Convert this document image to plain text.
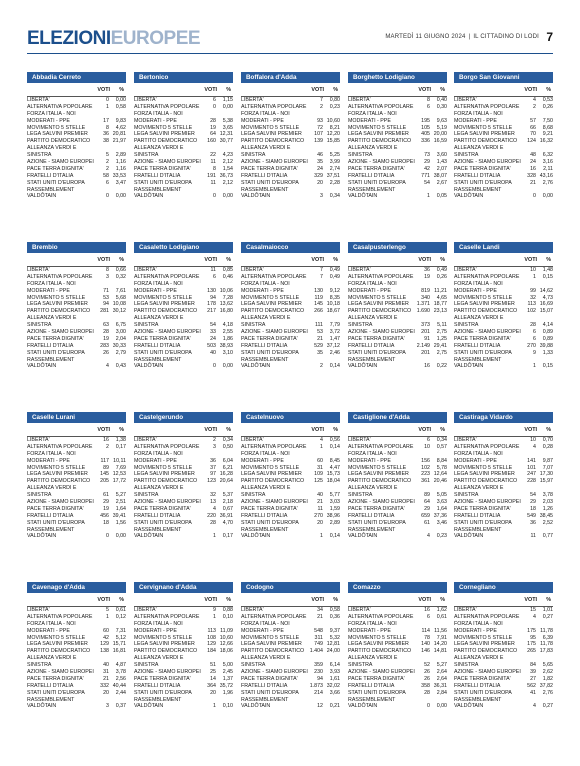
ELEZIONIEUROPEE	MARTEDÌ 11 GIUGNO 2024 | IL CITTADINO DI LODI 7
Abbadia Cerreto
VOTI %
LIBERTA'	0	0,00
ALTERNATIVA POPOLARE	1	0,58
FORZA ITALIA - NOI
MODERATI - PPE	17	9,83
MOVIMENTO 5 STELLE	8	4,62
LEGA SALVINI PREMIER	36 20,81
PARTITO DEMOCRATICO 38 21,97
ALLEANZA VERDI E
SINISTRA	5	2,89
AZIONE - SIAMO EUROPEI 2	1,16
PACE TERRA DIGNITA'	2	1,16
FRATELLI D'ITALIA	58 33,53
STATI UNITI D'EUROPA	6	3,47
RASSEMBLEMENT
VALDÔTAIN	0	0,00
Bertonico
VOTI %
LIBERTA'	6	1,15
ALTERNATIVA POPOLARE	0	0,00
FORZA ITALIA - NOI
MODERATI - PPE	28	5,38
MOVIMENTO 5 STELLE	19	3,65
LEGA SALVINI PREMIER	64 12,31
PARTITO DEMOCRATICO 160 30,77
ALLEANZA VERDI E
SINISTRA	22	4,23
AZIONE - SIAMO EUROPEI 11	2,12
PACE TERRA DIGNITA'	8	1,54
FRATELLI D'ITALIA	191 36,73
STATI UNITI D'EUROPA	11	2,12
RASSEMBLEMENT
VALDÔTAIN	0	0,00
Boffalora d'Adda
VOTI %
LIBERTA'	7	0,80
ALTERNATIVA POPOLARE	2	0,23
FORZA ITALIA - NOI
MODERATI - PPE	93 10,60
MOVIMENTO 5 STELLE	72	8,21
LEGA SALVINI PREMIER 107 12,20
PARTITO DEMOCRATICO 139 15,85
ALLEANZA VERDI E
SINISTRA	46	5,25
AZIONE - SIAMO EUROPEI 35	3,99
PACE TERRA DIGNITA'	24	2,74
FRATELLI D'ITALIA	329 37,51
STATI UNITI D'EUROPA	20	2,28
RASSEMBLEMENT
VALDÔTAIN	3	0,34
Borghetto Lodigiano
VOTI %
LIBERTA'	8	0,40
ALTERNATIVA POPOLARE	6	0,30
FORZA ITALIA - NOI
MODERATI - PPE	195	9,63
MOVIMENTO 5 STELLE	105	5,19
LEGA SALVINI PREMIER 405 20,00
PARTITO DEMOCRATICO 336 16,59
ALLEANZA VERDI E
SINISTRA	73	3,60
AZIONE - SIAMO EUROPEI 29	1,43
PACE TERRA DIGNITA'	42	2,07
FRATELLI D'ITALIA	771 38,07
STATI UNITI D'EUROPA	54	2,67
RASSEMBLEMENT
VALDÔTAIN	1	0,05
Borgo San Giovanni
VOTI %
LIBERTA'	4	0,53
ALTERNATIVA POPOLARE	2	0,26
FORZA ITALIA - NOI
MODERATI - PPE	57	7,50
MOVIMENTO 5 STELLE	66	8,68
LEGA SALVINI PREMIER	70	9,21
PARTITO DEMOCRATICO 124 16,32
ALLEANZA VERDI E
SINISTRA	48	6,32
AZIONE - SIAMO EUROPEI 24	3,16
PACE TERRA DIGNITA'	16	2,11
FRATELLI D'ITALIA	328 43,16
STATI UNITI D'EUROPA	21	2,76
RASSEMBLEMENT
VALDÔTAIN	0	0,00
Brembio
VOTI %
LIBERTA'	8	0,66
ALTERNATIVA POPOLARE	3	0,32
FORZA ITALIA - NOI
MODERATI - PPE	71	7,61
MOVIMENTO 5 STELLE	53	5,68
LEGA SALVINI PREMIER	94 10,08
PARTITO DEMOCRATICO 281 30,12
ALLEANZA VERDI E
SINISTRA	63	6,75
AZIONE - SIAMO EUROPEI 28	3,00
PACE TERRA DIGNITA'	19	2,04
FRATELLI D'ITALIA	283 30,33
STATI UNITI D'EUROPA	26	2,79
RASSEMBLEMENT
VALDÔTAIN	4	0,43
Casaletto Lodigiano
VOTI %
LIBERTA'	11	0,85
ALTERNATIVA POPOLARE	6	0,46
FORZA ITALIA - NOI
MODERATI - PPE	130 10,06
MOVIMENTO 5 STELLE	94	7,28
LEGA SALVINI PREMIER 178 13,62
PARTITO DEMOCRATICO 217 16,80
ALLEANZA VERDI E
SINISTRA	54	4,18
AZIONE - SIAMO EUROPEI 33	2,55
PACE TERRA DIGNITA'	24	1,86
FRATELLI D'ITALIA	503 38,93
STATI UNITI D'EUROPA	40	3,10
RASSEMBLEMENT
VALDÔTAIN	0	0,00
Casalmaiocco
VOTI %
LIBERTA'	7	0,49
ALTERNATIVA POPOLARE	7	0,49
FORZA ITALIA - NOI
MODERATI - PPE	130	9,12
MOVIMENTO 5 STELLE	119	8,35
LEGA SALVINI PREMIER 145 10,18
PARTITO DEMOCRATICO 266 18,67
ALLEANZA VERDI E
SINISTRA	111	7,79
AZIONE - SIAMO EUROPEI 53	3,72
PACE TERRA DIGNITA'	21	1,47
FRATELLI D'ITALIA	529 37,12
STATI UNITI D'EUROPA	35	2,46
RASSEMBLEMENT
VALDÔTAIN	2	0,14
Casalpusterlengo
VOTI %
LIBERTA'	36	0,49
ALTERNATIVA POPOLARE 19	0,26
FORZA ITALIA - NOI
MODERATI - PPE	819 11,21
MOVIMENTO 5 STELLE	340	4,65
LEGA SALVINI PREMIER 1.371 18,77
PARTITO DEMOCRATICO 1.690 23,13
ALLEANZA VERDI E
SINISTRA	373	5,11
AZIONE - SIAMO EUROPEI 201	2,75
PACE TERRA DIGNITA'	91	1,25
FRATELLI D'ITALIA	2.149 29,41
STATI UNITI D'EUROPA	201	2,75
RASSEMBLEMENT
VALDÔTAIN	16	0,22
Caselle Landi
VOTI %
LIBERTA'	10	1,48
ALTERNATIVA POPOLARE	1	0,15
FORZA ITALIA - NOI
MODERATI - PPE	99 14,62
MOVIMENTO 5 STELLE	32	4,73
LEGA SALVINI PREMIER 113 16,69
PARTITO DEMOCRATICO 102 15,07
ALLEANZA VERDI E
SINISTRA	28	4,14
AZIONE - SIAMO EUROPEI 6	0,89
PACE TERRA DIGNITA'	6	0,89
FRATELLI D'ITALIA	270 39,88
STATI UNITI D'EUROPA	9	1,33
RASSEMBLEMENT
VALDÔTAIN	1	0,15
Caselle Lurani
VOTI %
LIBERTA'	16	1,38
ALTERNATIVA POPOLARE	2	0,17
FORZA ITALIA - NOI
MODERATI - PPE	117 10,11
MOVIMENTO 5 STELLE	89	7,69
LEGA SALVINI PREMIER 145 12,53
PARTITO DEMOCRATICO 205 17,72
ALLEANZA VERDI E
SINISTRA	61	5,27
AZIONE - SIAMO EUROPEI 29	2,51
PACE TERRA DIGNITA'	19	1,64
FRATELLI D'ITALIA	456 39,41
STATI UNITI D'EUROPA	18	1,56
RASSEMBLEMENT
VALDÔTAIN	0	0,00
Castelgerundo
VOTI %
LIBERTA'	2	0,34
ALTERNATIVA POPOLARE	3	0,50
FORZA ITALIA - NOI
MODERATI - PPE	36	6,04
MOVIMENTO 5 STELLE	37	6,21
LEGA SALVINI PREMIER	97 16,28
PARTITO DEMOCRATICO 123 20,64
ALLEANZA VERDI E
SINISTRA	32	5,37
AZIONE - SIAMO EUROPEI 13	2,18
PACE TERRA DIGNITA'	4	0,67
FRATELLI D'ITALIA	220 36,91
STATI UNITI D'EUROPA	28	4,70
RASSEMBLEMENT
VALDÔTAIN	1	0,17
Castelnuovo
VOTI %
LIBERTA'	4	0,56
ALTERNATIVA POPOLARE	1	0,14
FORZA ITALIA - NOI
MODERATI - PPE	60	8,45
MOVIMENTO 5 STELLE	31	4,47
LEGA SALVINI PREMIER 109 15,73
PARTITO DEMOCRATICO 125 18,04
ALLEANZA VERDI E
SINISTRA	40	5,77
AZIONE - SIAMO EUROPEI 21	3,03
PACE TERRA DIGNITA'	11	1,59
FRATELLI D'ITALIA	270 38,96
STATI UNITI D'EUROPA	20	2,89
RASSEMBLEMENT
VALDÔTAIN	1	0,14
Castiglione d'Adda
VOTI %
LIBERTA'	6	0,34
ALTERNATIVA POPOLARE 10	0,57
FORZA ITALIA - NOI
MODERATI - PPE	156	8,84
MOVIMENTO 5 STELLE	102	5,78
LEGA SALVINI PREMIER 223 12,64
PARTITO DEMOCRATICO 361 20,46
ALLEANZA VERDI E
SINISTRA	89	5,05
AZIONE - SIAMO EUROPEI 64	3,63
PACE TERRA DIGNITA'	29	1,64
FRATELLI D'ITALIA	659 37,36
STATI UNITI D'EUROPA	61	3,46
RASSEMBLEMENT
VALDÔTAIN	4	0,23
Castiraga Vidardo
VOTI %
LIBERTA'	10	0,70
ALTERNATIVA POPOLARE	4	0,28
FORZA ITALIA - NOI
MODERATI - PPE	141	9,87
MOVIMENTO 5 STELLE	101	7,07
LEGA SALVINI PREMIER 247 17,30
PARTITO DEMOCRATICO 228 15,97
ALLEANZA VERDI E
SINISTRA	54	3,78
AZIONE - SIAMO EUROPEI 29	2,03
PACE TERRA DIGNITA'	18	1,26
FRATELLI D'ITALIA	549 38,45
STATI UNITI D'EUROPA	36	2,52
RASSEMBLEMENT
VALDÔTAIN	11	0,77
Cavenago d'Adda
VOTI %
LIBERTA'	5	0,61
ALTERNATIVA POPOLARE	1	0,12
FORZA ITALIA - NOI
MODERATI - PPE	60	7,31
MOVIMENTO 5 STELLE	42	5,12
LEGA SALVINI PREMIER 129 15,71
PARTITO DEMOCRATICO 138 16,81
ALLEANZA VERDI E
SINISTRA	40	4,87
AZIONE - SIAMO EUROPEI 31	3,78
PACE TERRA DIGNITA'	21	2,56
FRATELLI D'ITALIA	332 40,44
STATI UNITI D'EUROPA	20	2,44
RASSEMBLEMENT
VALDÔTAIN	3	0,37
Cervignano d'Adda
VOTI %
LIBERTA'	9	0,88
ALTERNATIVA POPOLARE	1	0,10
FORZA ITALIA - NOI
MODERATI - PPE	113 11,09
MOVIMENTO 5 STELLE	108 10,60
LEGA SALVINI PREMIER 129 12,66
PARTITO DEMOCRATICO 184 18,06
ALLEANZA VERDI E
SINISTRA	51	5,00
AZIONE - SIAMO EUROPEI 25	2,45
PACE TERRA DIGNITA'	14	1,37
FRATELLI D'ITALIA	364 35,72
STATI UNITI D'EUROPA	20	1,96
RASSEMBLEMENT
VALDÔTAIN	1	0,10
Codogno
VOTI %
LIBERTA'	34	0,58
ALTERNATIVA POPOLARE 21	0,36
FORZA ITALIA - NOI
MODERATI - PPE	548	9,37
MOVIMENTO 5 STELLE	311	5,32
LEGA SALVINI PREMIER 749 12,81
PARTITO DEMOCRATICO 1.404 24,00
ALLEANZA VERDI E
SINISTRA	359	6,14
AZIONE - SIAMO EUROPEI 230	3,93
PACE TERRA DIGNITA'	94	1,61
FRATELLI D'ITALIA	1.873 32,02
STATI UNITI D'EUROPA	214	3,66
RASSEMBLEMENT
VALDÔTAIN	12	0,21
Comazzo
VOTI %
LIBERTA'	16	1,62
ALTERNATIVA POPOLARE	6	0,61
FORZA ITALIA - NOI
MODERATI - PPE	114 11,56
MOVIMENTO 5 STELLE	78	7,91
LEGA SALVINI PREMIER 140 14,20
PARTITO DEMOCRATICO 146 14,81
ALLEANZA VERDI E
SINISTRA	52	5,27
AZIONE - SIAMO EUROPEI 26	2,64
PACE TERRA DIGNITA'	26	2,64
FRATELLI D'ITALIA	358 36,31
STATI UNITI D'EUROPA	28	2,84
RASSEMBLEMENT
VALDÔTAIN	0	0,00
Cornegliano
VOTI %
LIBERTA'	15	1,01
ALTERNATIVA POPOLARE	4	0,27
FORZA ITALIA - NOI
MODERATI - PPE	175 11,78
MOVIMENTO 5 STELLE	95	6,39
LEGA SALVINI PREMIER 175 11,78
PARTITO DEMOCRATICO 265 17,83
ALLEANZA VERDI E
SINISTRA	84	5,65
AZIONE - SIAMO EUROPEI 39	2,62
PACE TERRA DIGNITA'	27	1,82
FRATELLI D'ITALIA	562 37,82
STATI UNITI D'EUROPA	41	2,76
RASSEMBLEMENT
VALDÔTAIN	4	0,27
